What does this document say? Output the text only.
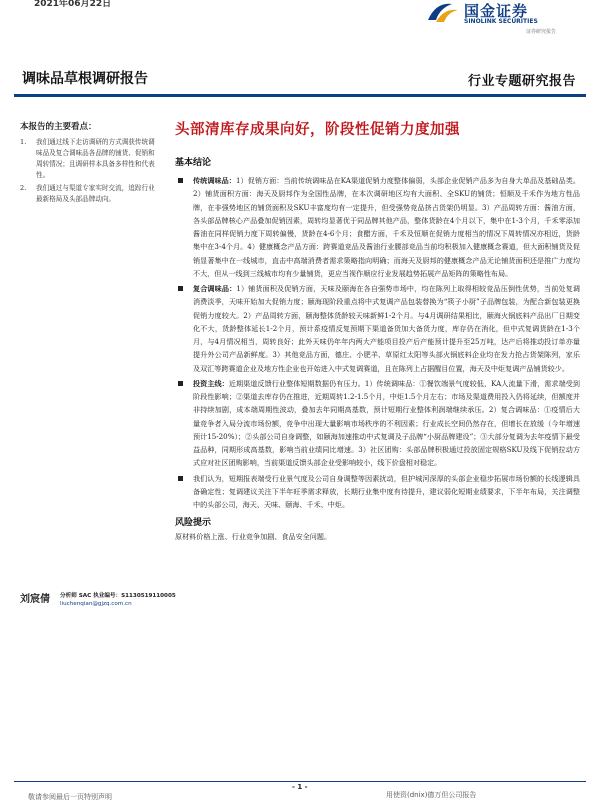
2021年06月22日	国金证券
SINOLINK SECURITIES
证券研究报告
调味品草根调研报告	行业专题研究报告
本报告的主要看点：
1. 我们通过线下走访调研的方式调获传统调味品及复合调味品各品牌的铺货、促销和周转情况；且调研样本具备多样性和代表性。
2. 我们通过与渠道专家实时交流，追踪行业最新格局及头部品牌动向。
刘宸倩 分析师 SAC 执业编号：S1130519110005
liuchenqian@gjzq.com.cn
头部清库存成果向好，阶段性促销力度加强
基本结论
传统调味品：1）促销方面：当前传统调味品在KA渠道促销力度整体偏弱，头部企业促销产品多为自身大单品及基础品类。2）铺货面积方面：海天及厨邦作为全国性品牌，在本次调研地区均有大面积、全SKU的铺货；恒顺及千禾作为地方性品牌，在非强势地区的铺货面积及SKU丰富度均有一定提升，但受强势竞品挤占货架仍明显。3）产品周转方面：酱油方面，各头部品牌核心产品叠加促销因素，周转均显著优于同品牌其他产品，整体货龄在4个月以下，集中在1-3个月，千禾零添加酱油在同样促销力度下周转偏慢，货龄在4-6个月；食醋方面，千禾及恒顺在促销力度相当的情况下周转情况亦相近，货龄集中在3-4个月。4）健康概念产品方面：跨赛道竞品及酱油行业腰部竞品当前均积极加入健康概念赛道，但大面积铺货及促销显著集中在一线城市，直击中高端消费者需求策略指向明确；而海天及厨邦的健康概念产品无论铺货面积还是推广力度均不大，但从一线到三线城市均有少量铺货，更应当视作顺应行业发展趋势拓展产品矩阵的策略性布局。
复合调味品：1）铺货面积及促销方面，天味及颐海在各自强势市场中，均在陈列上取得相较竞品压倒性优势，当前处复调消费淡季，天味开始加大促销力度；颐海现阶段重点将中式复调产品包装替换为“筷子小厨”子品牌包装，为配合新包装更换促销力度较大。2）产品周转方面，颐海整体货龄较天味新鲜1-2个月。与4月调研结果相比，颐海火锅底料产品出厂日期变化不大，货龄整体延长1-2个月，预计系疫情反复预期下渠道备货加大备货力度，库存仍在消化，但中式复调货龄在1-3个月，与4月情况相当，周转良好；此外天味仍年年内两大产能项目投产后产能预计提升至25万吨，达产后将推动投订单亦量提升外公司产品新鲜度。3）其他竞品方面，德庄、小肥羊、草原红太阳等头部火锅底料企业均在发力抢占货架陈列，家乐及双汇等跨赛道企业及地方性企业也开始进入中式复调赛道，且在陈列上占据醒目位置，海天及中炬复调产品铺货较少。
投资主线：近期渠道反馈行业整体短期数据仍有压力。1）传统调味品：①餐饮端景气度较低，KA人流量下滑，需求端受到阶段性影响；②渠道去库存仍在推进，近期周转1.2-1.5个月，中炬1.5个月左右；市场及渠道费用投入仍将延续，但额度并非持续加剧，成本端周期性波动，叠加去年同期高基数，预计短期行业整体利润端继续承压。2）复合调味品：①疫情后大量竞争者入局分流市场份额，竞争中出现大量影响市场秩序的不利因素；行业成长空间仍然存在，但增长在放缓（今年增速预计15-20%）；②头部公司自身调整，如颐海加速推动中式复调及子品牌“小厨品牌建设”；③大部分复调为去年疫情下最受益品种，同期形成高基数，影响当前业绩同比增速。3）社区团购：头部品牌积极通过投放固定规格SKU及线下促销拉动方式应对社区团购影响，当前渠道反馈头部企业受影响较小，线下价盘相对稳定。
我们认为，短期报表端受行业景气度及公司自身调整等因素扰动，但护城河深厚的头部企业稳步拓展市场份额的长线逻辑具备确定性；复调建议关注下半年旺季需求释放，长期行业集中度有待提升，建议弱化短期业绩要求，下半年布局，关注调整中的头部公司，海天、天味、颐海、千禾、中炬。
风险提示
原材料价格上涨、行业竞争加剧、食品安全问题。
- 1 -
敬请参阅最后一页特别声明	用使资(dnix)德万但公司报告
